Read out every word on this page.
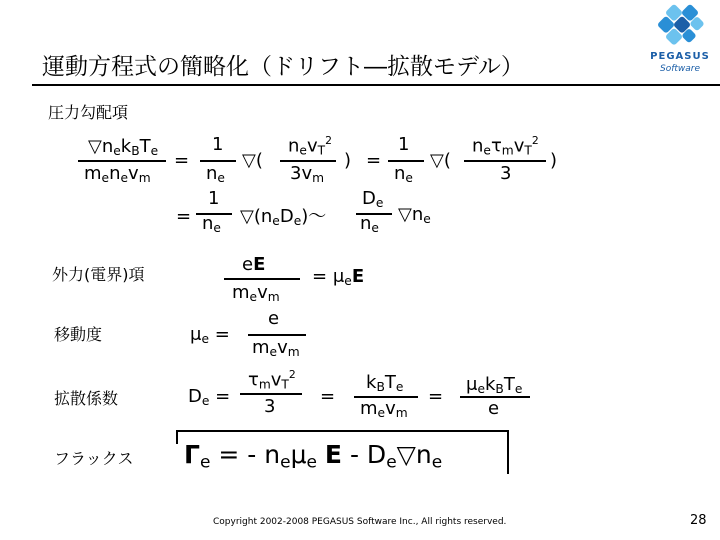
運動方程式の簡略化（ドリフト―拡散モデル）	PEGASUS
Software
圧力勾配項
外力(電界)項
移動度
拡散係数
フラックス
$▽n_ek_BT_e$
$m_en_ev_m$
=
1
$n_e$
▽(
$n_ev_T^2$
$3v_m$
) =
1
$n_e$
▽(
$n_e\tau_mv_T^2$
3
)
=
1
$n_e$
$▽(n_eD_e)$〜
$D_e$
$n_e$
$▽n_e$
eE
$m_ev_m$
= $\mu_eE$
$\mu_e$ =
e
$m_ev_m$
$D_e$ =
$\tau_mv_T^2$
3 =
$k_BT_e$
$m_ev_m$
=
$\mu_ek_BT_e$
e
$\Gamma_e$ = - $n_e\mu_e$ E - $D_e▽n_e$
Copyright 2002-2008 PEGASUS Software Inc., All rights reserved.	28
